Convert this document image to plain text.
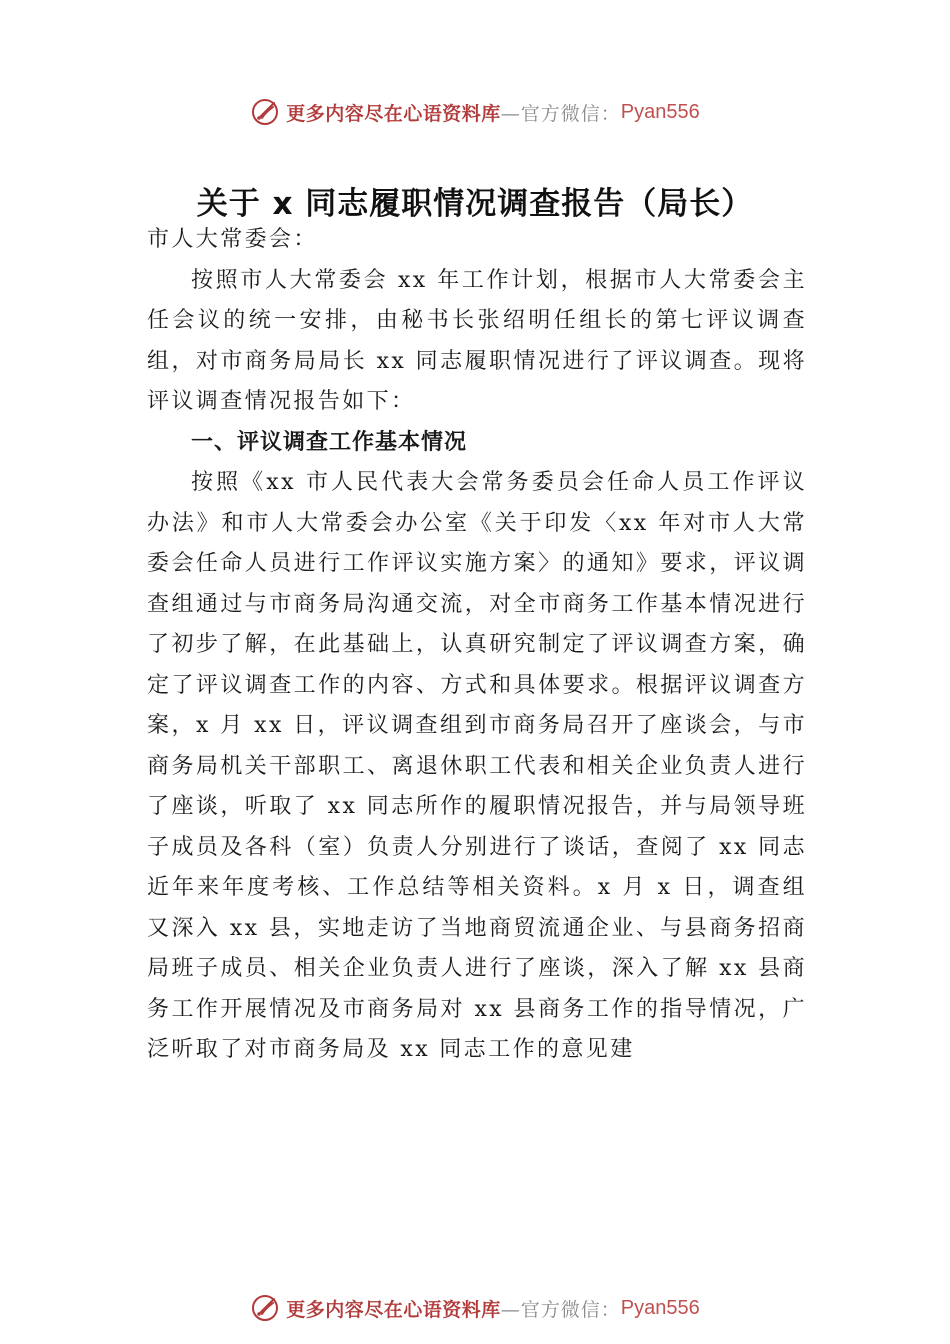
更多内容尽在心语资料库 —官方微信： Pyan556
关于 x 同志履职情况调查报告（局长）

市人大常委会：

按照市人大常委会 xx 年工作计划，根据市人大常委会主任会议的统一安排，由秘书长张绍明任组长的第七评议调查组，对市商务局局长 xx 同志履职情况进行了评议调查。现将评议调查情况报告如下：

一、评议调查工作基本情况

按照《xx 市人民代表大会常务委员会任命人员工作评议办法》和市人大常委会办公室《关于印发〈xx 年对市人大常委会任命人员进行工作评议实施方案〉的通知》要求，评议调查组通过与市商务局沟通交流，对全市商务工作基本情况进行了初步了解，在此基础上，认真研究制定了评议调查方案，确定了评议调查工作的内容、方式和具体要求。根据评议调查方案，x 月 xx 日，评议调查组到市商务局召开了座谈会，与市商务局机关干部职工、离退休职工代表和相关企业负责人进行了座谈，听取了 xx 同志所作的履职情况报告，并与局领导班子成员及各科（室）负责人分别进行了谈话，查阅了 xx 同志近年来年度考核、工作总结等相关资料。x 月 x 日，调查组又深入 xx 县，实地走访了当地商贸流通企业、与县商务招商局班子成员、相关企业负责人进行了座谈，深入了解 xx 县商务工作开展情况及市商务局对 xx 县商务工作的指导情况，广泛听取了对市商务局及 xx 同志工作的意见建

更多内容尽在心语资料库 —官方微信： Pyan556
